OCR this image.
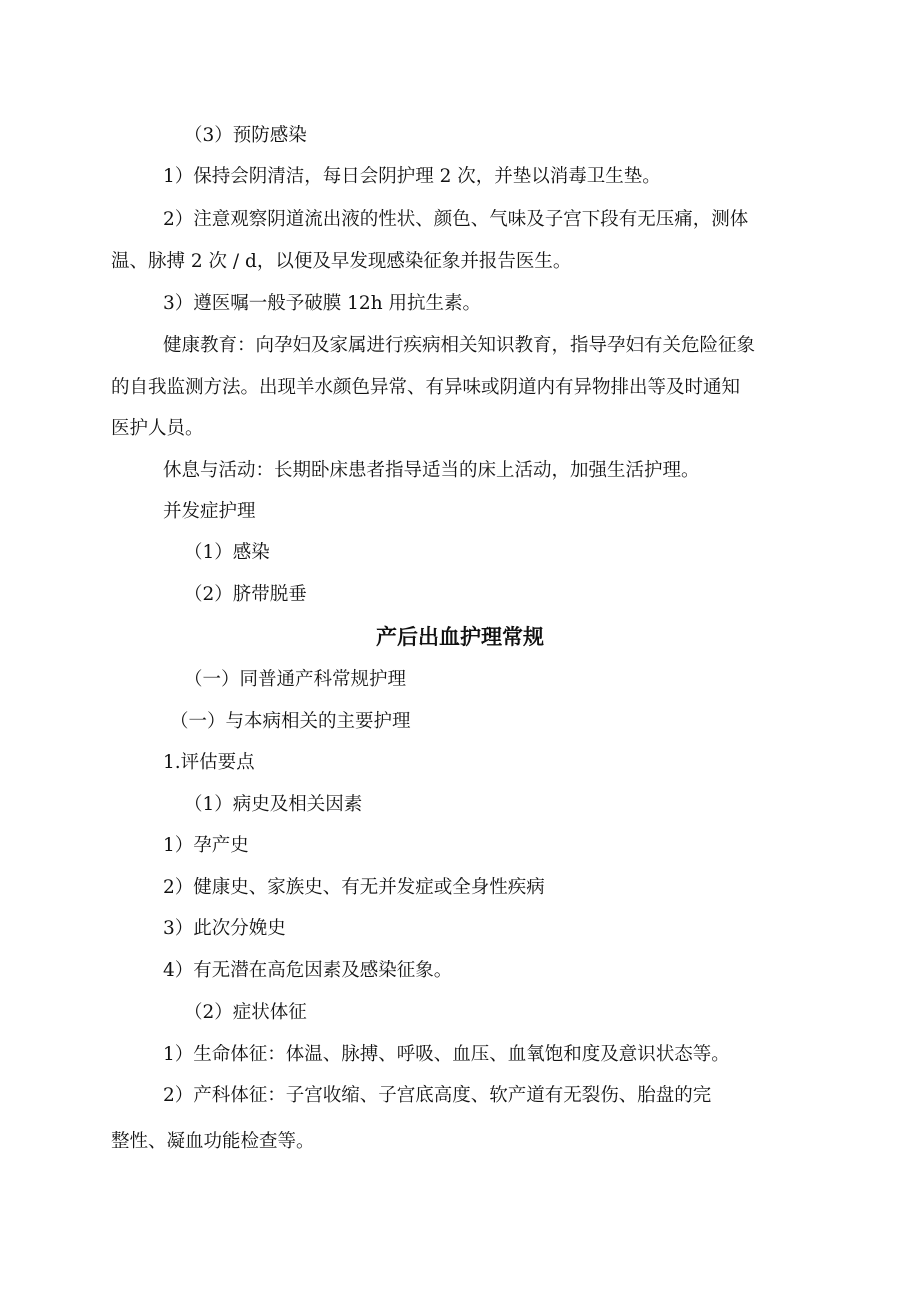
（3）预防感染
1）保持会阴清洁，每日会阴护理 2 次，并垫以消毒卫生垫。
2）注意观察阴道流出液的性状、颜色、气味及子宫下段有无压痛，测体
温、脉搏 2 次 / d，以便及早发现感染征象并报告医生。
3）遵医嘱一般予破膜 12h 用抗生素。
健康教育：向孕妇及家属进行疾病相关知识教育，指导孕妇有关危险征象
的自我监测方法。出现羊水颜色异常、有异味或阴道内有异物排出等及时通知
医护人员。
休息与活动：长期卧床患者指导适当的床上活动，加强生活护理。
并发症护理
（1）感染
（2）脐带脱垂
产后出血护理常规
（一）同普通产科常规护理
（一）与本病相关的主要护理
1.评估要点
（1）病史及相关因素
1）孕产史
2）健康史、家族史、有无并发症或全身性疾病
3）此次分娩史
4）有无潜在高危因素及感染征象。
（2）症状体征
1）生命体征：体温、脉搏、呼吸、血压、血氧饱和度及意识状态等。
2）产科体征：子宫收缩、子宫底高度、软产道有无裂伤、胎盘的完
整性、凝血功能检查等。
